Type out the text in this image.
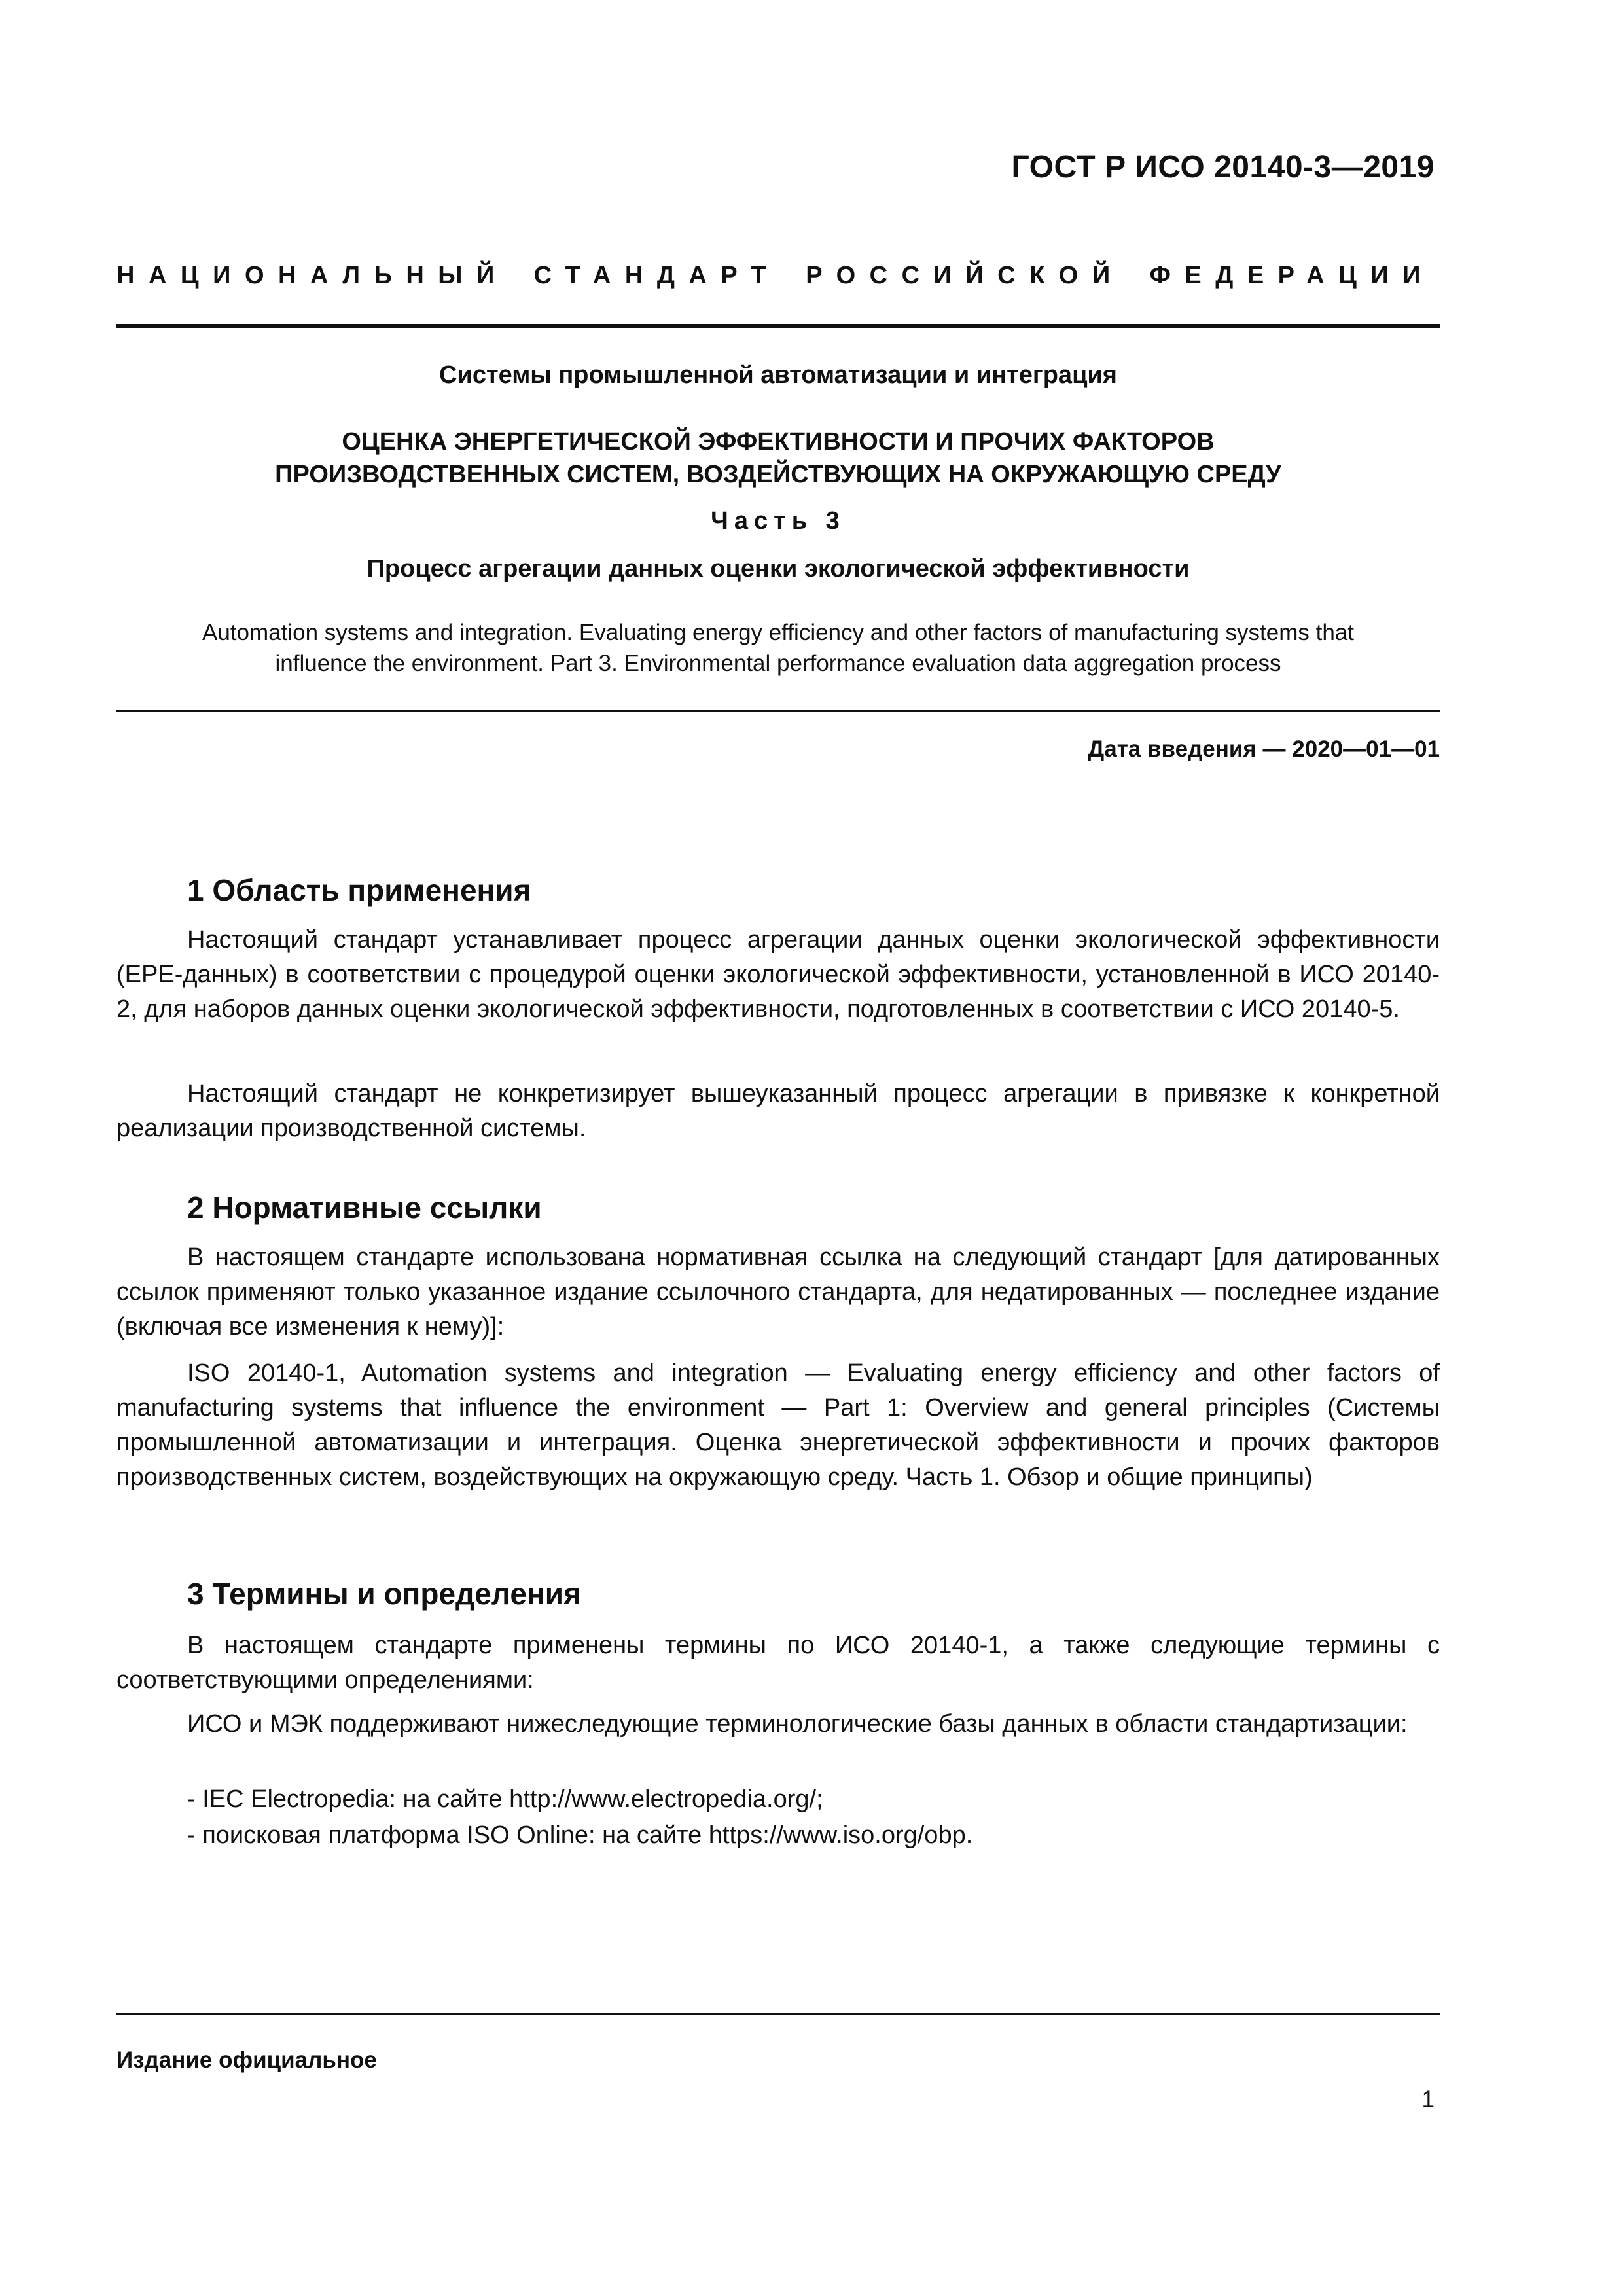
ГОСТ Р ИСО 20140-3—2019
НАЦИОНАЛЬНЫЙ СТАНДАРТ РОССИЙСКОЙ ФЕДЕРАЦИИ
Системы промышленной автоматизации и интеграция
ОЦЕНКА ЭНЕРГЕТИЧЕСКОЙ ЭФФЕКТИВНОСТИ И ПРОЧИХ ФАКТОРОВ
ПРОИЗВОДСТВЕННЫХ СИСТЕМ, ВОЗДЕЙСТВУЮЩИХ НА ОКРУЖАЮЩУЮ СРЕДУ
Часть 3
Процесс агрегации данных оценки экологической эффективности
Automation systems and integration. Evaluating energy efficiency and other factors of manufacturing systems that
influence the environment. Part 3. Environmental performance evaluation data aggregation process
Дата введения — 2020—01—01
1 Область применения

Настоящий стандарт устанавливает процесс агрегации данных оценки экологической эффективности (EPE-данных) в соответствии с процедурой оценки экологической эффективности, установленной в ИСО 20140-2, для наборов данных оценки экологической эффективности, подготовленных в соответствии с ИСО 20140-5.

Настоящий стандарт не конкретизирует вышеуказанный процесс агрегации в привязке к конкретной реализации производственной системы.

2 Нормативные ссылки

В настоящем стандарте использована нормативная ссылка на следующий стандарт [для датированных ссылок применяют только указанное издание ссылочного стандарта, для недатированных — последнее издание (включая все изменения к нему)]:

ISO 20140-1, Automation systems and integration — Evaluating energy efficiency and other factors of manufacturing systems that influence the environment — Part 1: Overview and general principles (Системы промышленной автоматизации и интеграция. Оценка энергетической эффективности и прочих факторов производственных систем, воздействующих на окружающую среду. Часть 1. Обзор и общие принципы)

3 Термины и определения

В настоящем стандарте применены термины по ИСО 20140-1, а также следующие термины с соответствующими определениями:

ИСО и МЭК поддерживают нижеследующие терминологические базы данных в области стандартизации:

- IEC Electropedia: на сайте http://www.electropedia.org/;
- поисковая платформа ISO Online: на сайте https://www.iso.org/obp.
Издание официальное
1
